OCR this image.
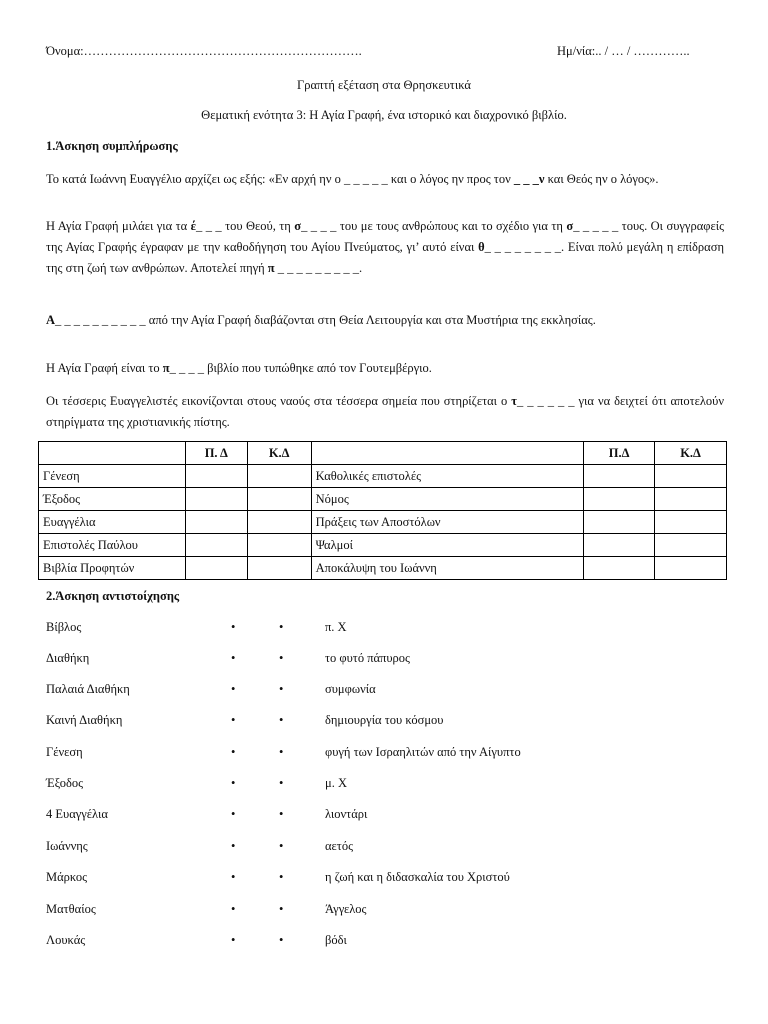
Όνομα:………………………………………………………….	Ημ/νία:.. / … / …………..
Γραπτή εξέταση στα Θρησκευτικά
Θεματική ενότητα 3: Η Αγία Γραφή, ένα ιστορικό και διαχρονικό βιβλίο.
1.Άσκηση συμπλήρωσης
Το κατά Ιωάννη Ευαγγέλιο αρχίζει ως εξής: «Εν αρχή ην ο _ _ _ _ _ και ο λόγος ην προς τον _ _ _ν και Θεός ην ο λόγος».
Η Αγία Γραφή μιλάει για τα έ_ _ _ του Θεού, τη σ_ _ _ _ του με τους ανθρώπους και το σχέδιο για τη σ_ _ _ _ _ τους. Οι συγγραφείς της Αγίας Γραφής έγραφαν με την καθοδήγηση του Αγίου Πνεύματος, γι’ αυτό είναι θ_ _ _ _ _ _ _ _. Είναι πολύ μεγάλη η επίδραση της στη ζωή των ανθρώπων. Αποτελεί πηγή π _ _ _ _ _ _ _ _ _.
Α_ _ _ _ _ _ _ _ _ _ από την Αγία Γραφή διαβάζονται στη Θεία Λειτουργία και στα Μυστήρια της εκκλησίας.
Η Αγία Γραφή είναι το π_ _ _ _ βιβλίο που τυπώθηκε από τον Γουτεμβέργιο.
Οι τέσσερις Ευαγγελιστές εικονίζονται στους ναούς στα τέσσερα σημεία που στηρίζεται ο τ_ _ _ _ _ _ για να δειχτεί ότι αποτελούν στηρίγματα της χριστιανικής πίστης.
	Π. Δ	Κ.Δ		Π.Δ	Κ.Δ
Γένεση			Καθολικές επιστολές		
Έξοδος			Νόμος		
Ευαγγέλια			Πράξεις των Αποστόλων		
Επιστολές Παύλου			Ψαλμοί		
Βιβλία Προφητών			Αποκάλυψη του Ιωάννη		
2.Άσκηση αντιστοίχησης
Βίβλος	•	•	π. Χ
Διαθήκη	•	•	το φυτό πάπυρος
Παλαιά Διαθήκη	•	•	συμφωνία
Καινή Διαθήκη	•	•	δημιουργία του κόσμου
Γένεση	•	•	φυγή των Ισραηλιτών από την Αίγυπτο
Έξοδος	•	•	μ. Χ
4 Ευαγγέλια	•	•	λιοντάρι
Ιωάννης	•	•	αετός
Μάρκος	•	•	η ζωή και η διδασκαλία του Χριστού
Ματθαίος	•	•	Άγγελος
Λουκάς	•	•	βόδι
